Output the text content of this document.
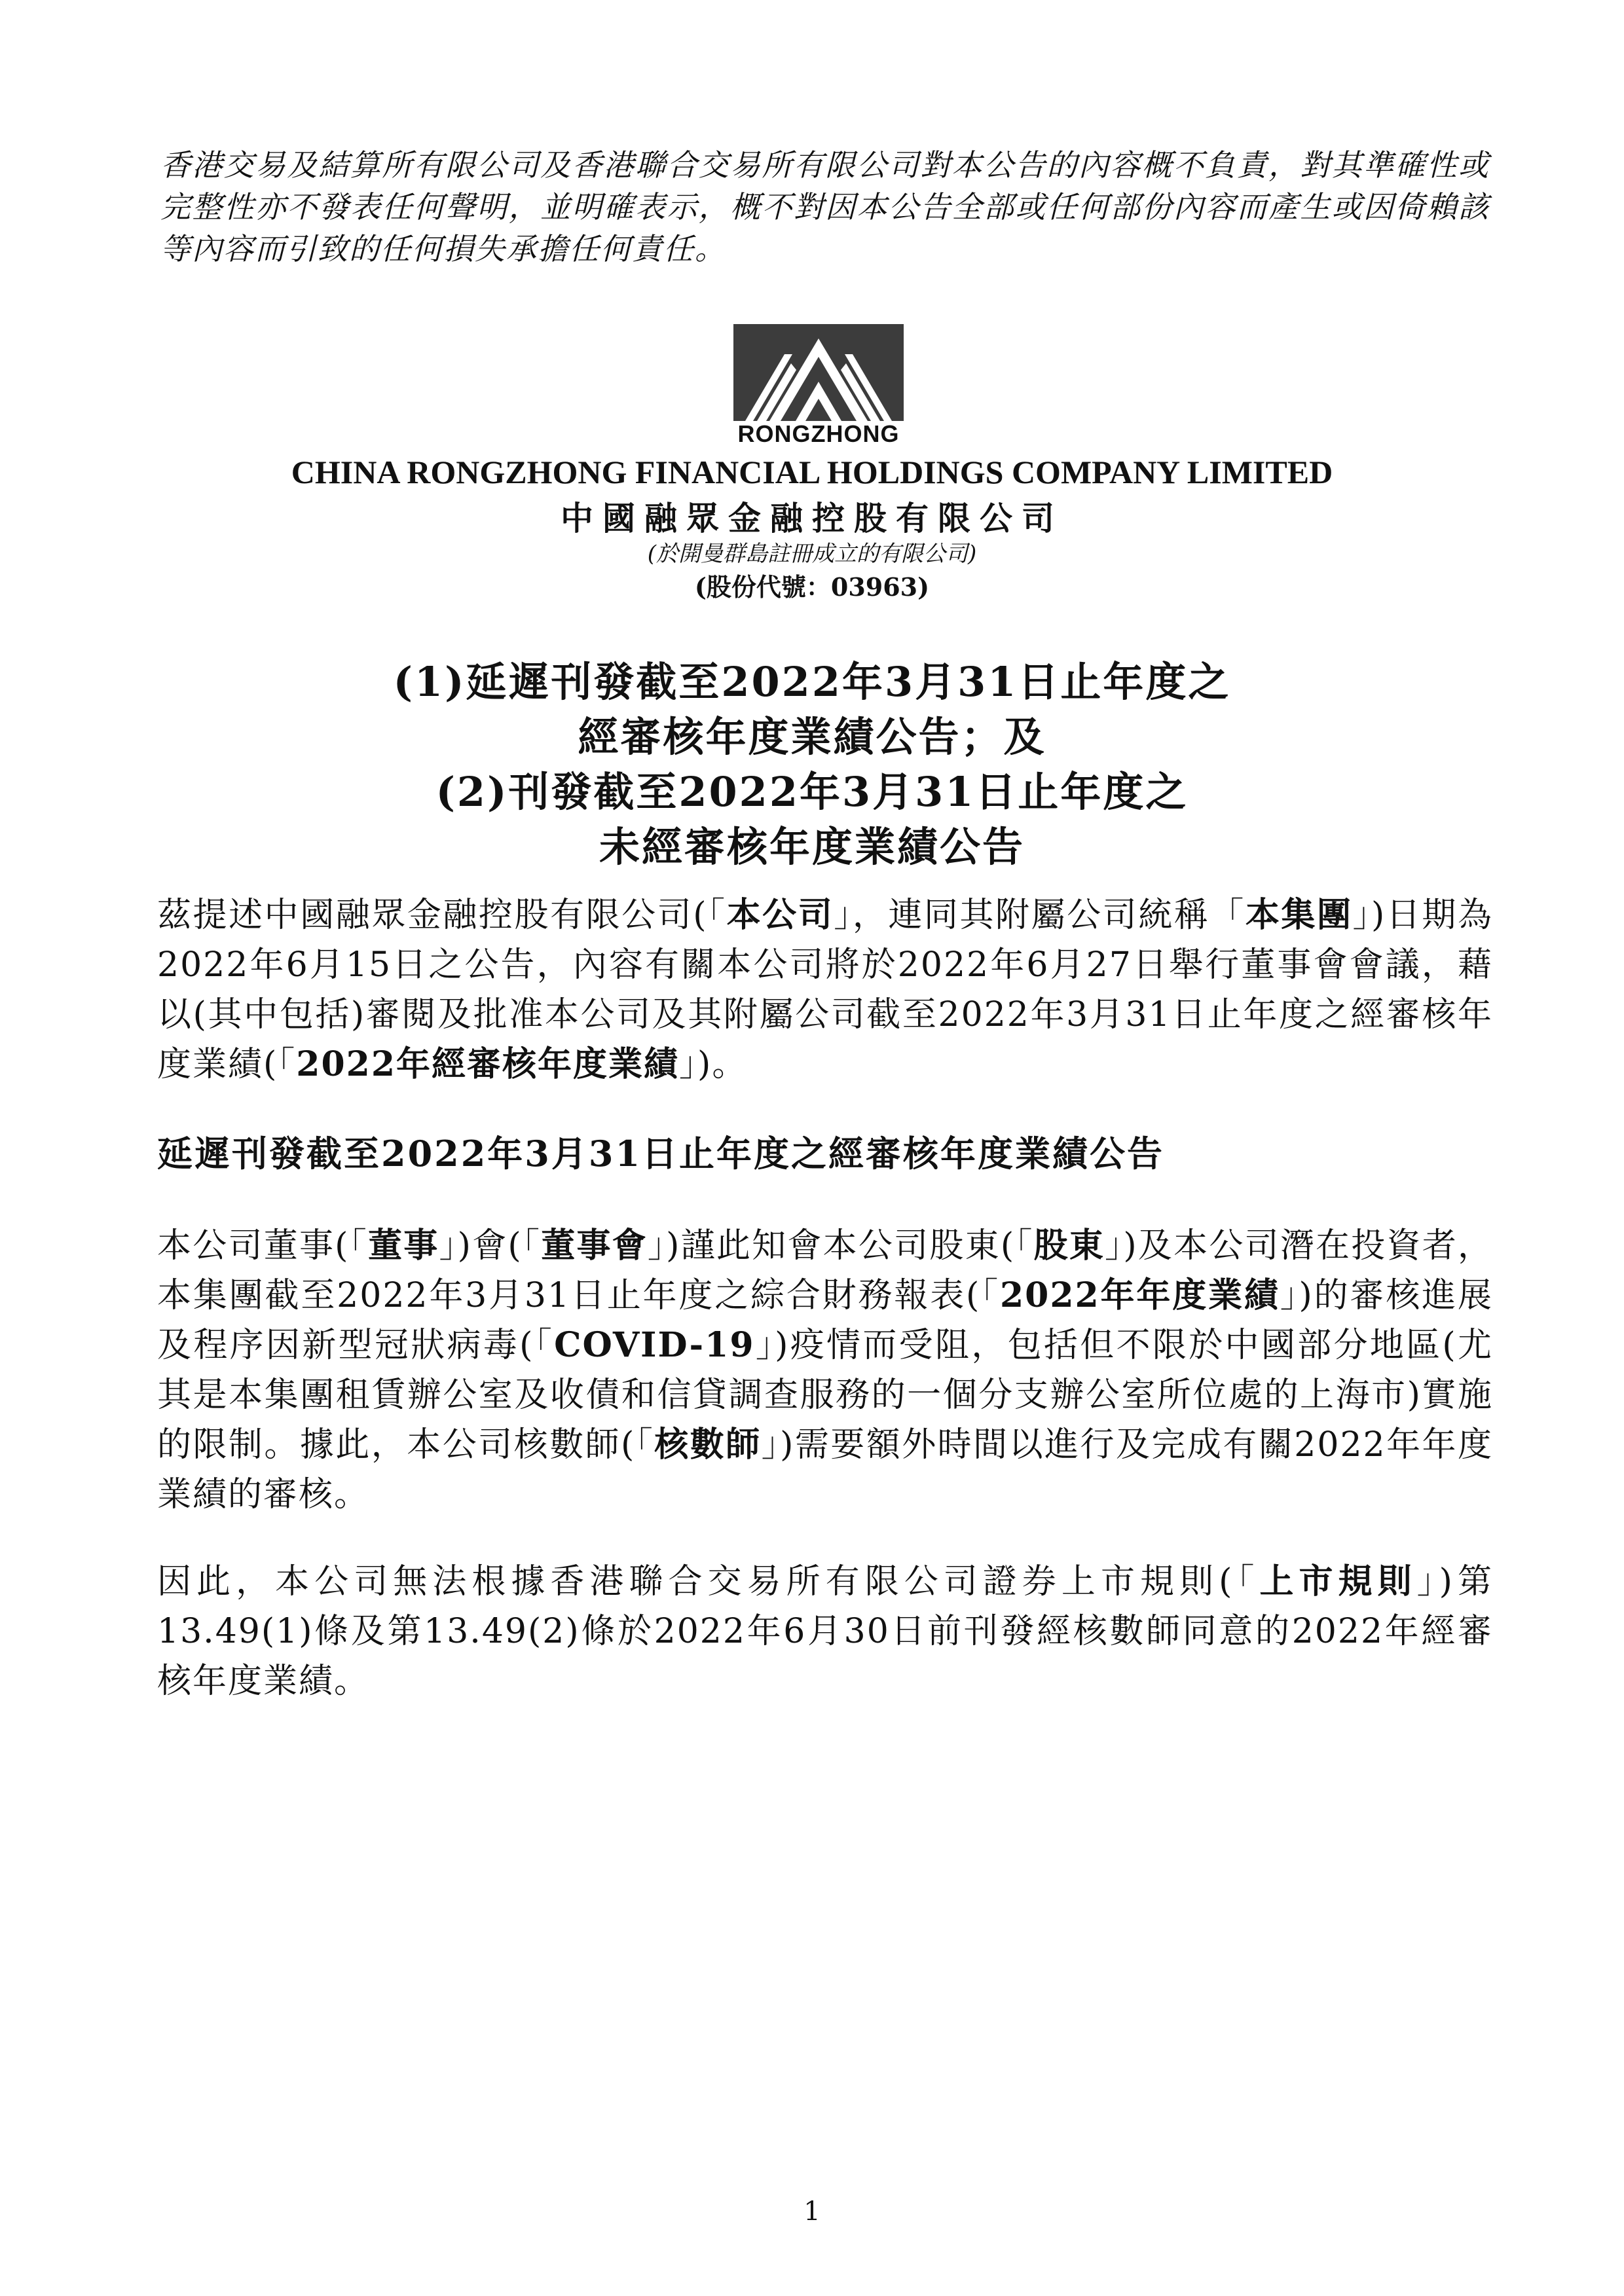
香港交易及結算所有限公司及香港聯合交易所有限公司對本公告的內容概不負責，對其準確性或完整性亦不發表任何聲明，並明確表示，概不對因本公告全部或任何部份內容而產生或因倚賴該等內容而引致的任何損失承擔任何責任。
RONGZHONG
CHINA RONGZHONG FINANCIAL HOLDINGS COMPANY LIMITED
中國融眾金融控股有限公司
(於開曼群島註冊成立的有限公司)
(股份代號：03963)
(1)延遲刊發截至2022年3月31日止年度之
經審核年度業績公告；及
(2)刊發截至2022年3月31日止年度之
未經審核年度業績公告
茲提述中國融眾金融控股有限公司(「本公司」，連同其附屬公司統稱「本集團」)日期為2022年6月15日之公告，內容有關本公司將於2022年6月27日舉行董事會會議，藉以(其中包括)審閱及批准本公司及其附屬公司截至2022年3月31日止年度之經審核年度業績(「2022年經審核年度業績」)。
延遲刊發截至2022年3月31日止年度之經審核年度業績公告
本公司董事(「董事」)會(「董事會」)謹此知會本公司股東(「股東」)及本公司潛在投資者，本集團截至2022年3月31日止年度之綜合財務報表(「2022年年度業績」)的審核進展及程序因新型冠狀病毒(「COVID-19」)疫情而受阻，包括但不限於中國部分地區(尤其是本集團租賃辦公室及收債和信貸調查服務的一個分支辦公室所位處的上海市)實施的限制。據此，本公司核數師(「核數師」)需要額外時間以進行及完成有關2022年年度業績的審核。
因此，本公司無法根據香港聯合交易所有限公司證券上市規則(「上市規則」)第13.49(1)條及第13.49(2)條於2022年6月30日前刊發經核數師同意的2022年經審核年度業績。
1
